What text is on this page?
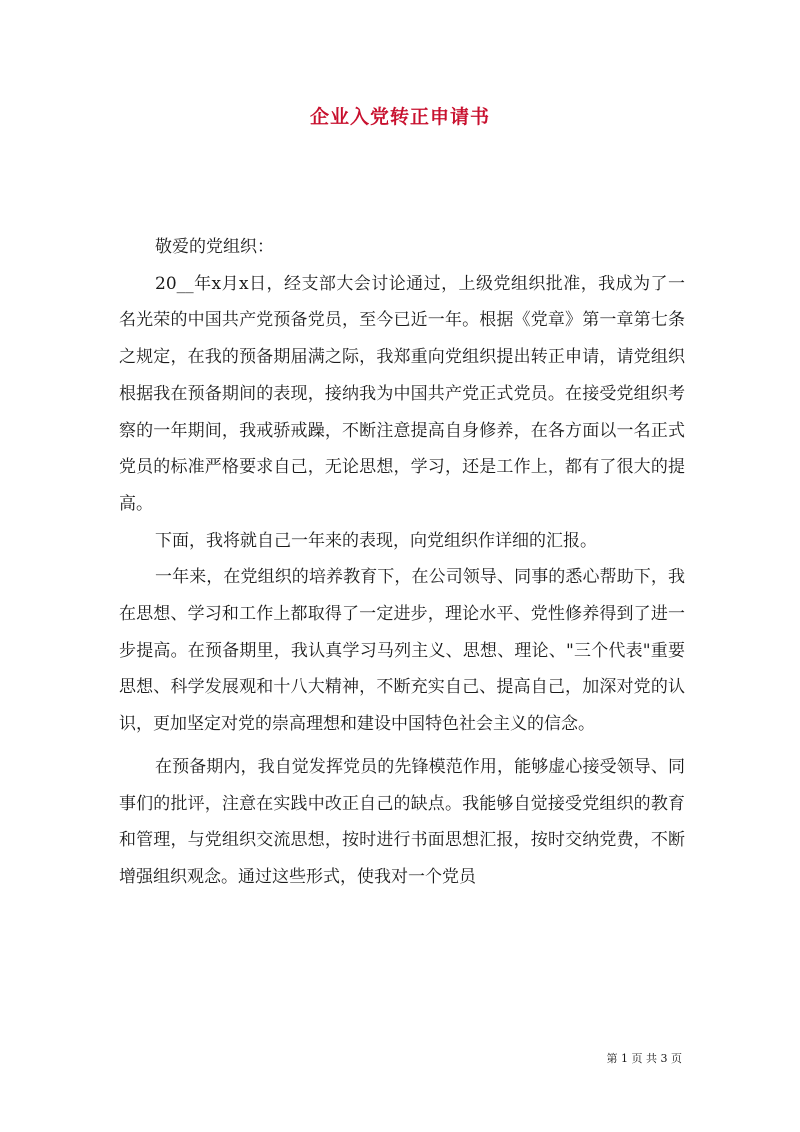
企业入党转正申请书

敬爱的党组织：

20__年x月x日，经支部大会讨论通过，上级党组织批准，我成为了一名光荣的中国共产党预备党员，至今已近一年。根据《党章》第一章第七条之规定，在我的预备期届满之际，我郑重向党组织提出转正申请，请党组织根据我在预备期间的表现，接纳我为中国共产党正式党员。在接受党组织考察的一年期间，我戒骄戒躁，不断注意提高自身修养，在各方面以一名正式党员的标准严格要求自己，无论思想，学习，还是工作上，都有了很大的提高。

下面，我将就自己一年来的表现，向党组织作详细的汇报。

一年来，在党组织的培养教育下，在公司领导、同事的悉心帮助下，我在思想、学习和工作上都取得了一定进步，理论水平、党性修养得到了进一步提高。在预备期里，我认真学习马列主义、思想、理论、"三个代表"重要思想、科学发展观和十八大精神，不断充实自己、提高自己，加深对党的认识，更加坚定对党的崇高理想和建设中国特色社会主义的信念。

在预备期内，我自觉发挥党员的先锋模范作用，能够虚心接受领导、同事们的批评，注意在实践中改正自己的缺点。我能够自觉接受党组织的教育和管理，与党组织交流思想，按时进行书面思想汇报，按时交纳党费，不断增强组织观念。通过这些形式，使我对一个党员

第 1 页 共 3 页
